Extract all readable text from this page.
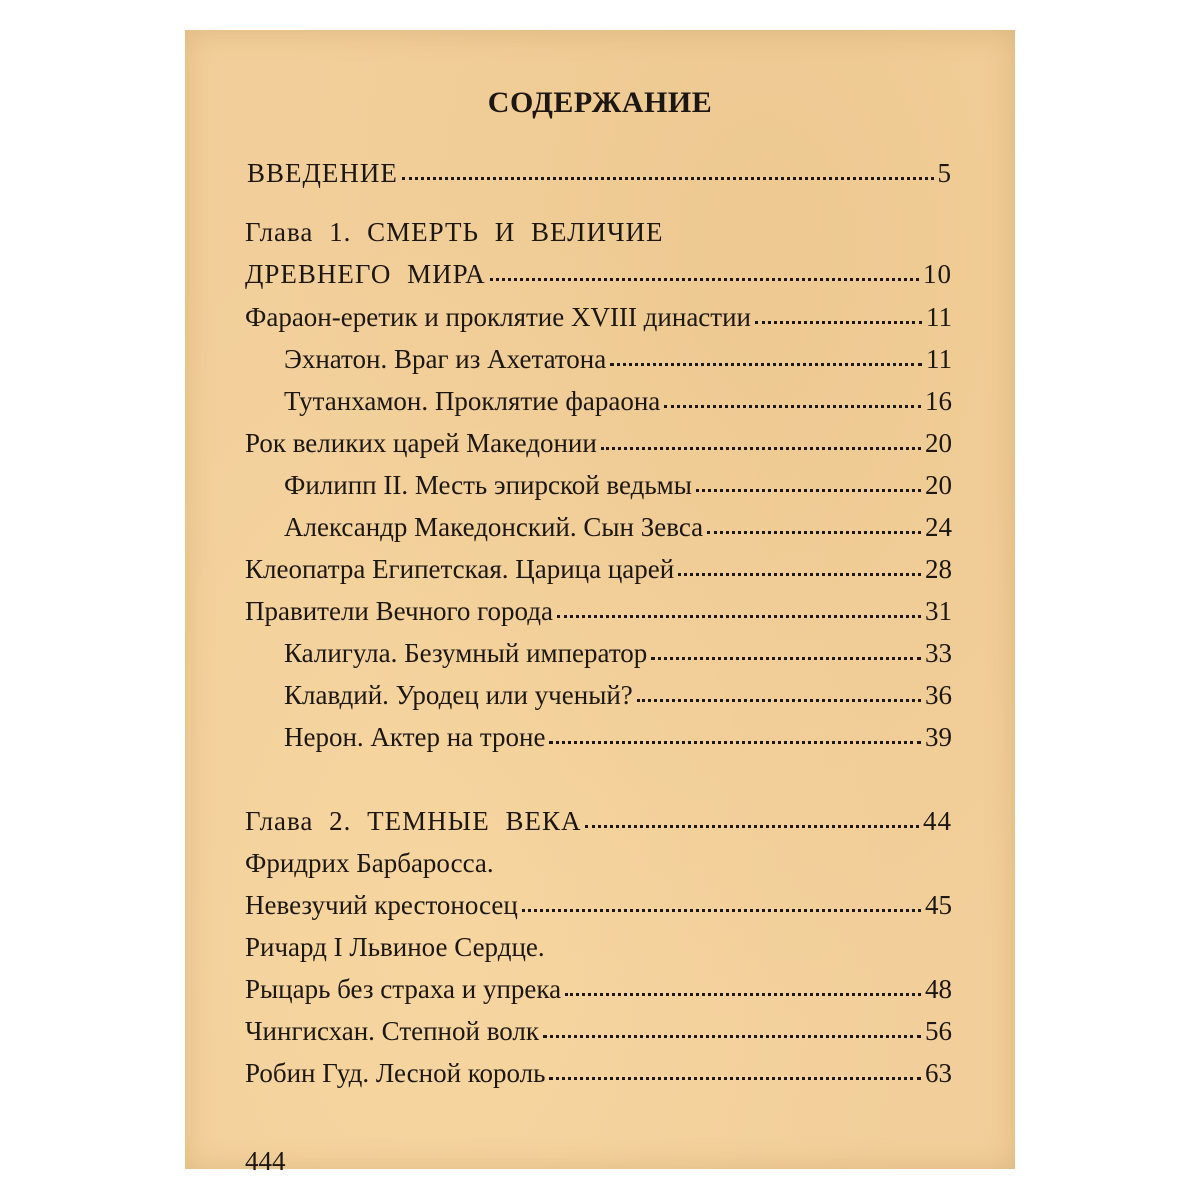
СОДЕРЖАНИЕ
ВВЕДЕНИЕ	5
Глава 1. СМЕРТЬ И ВЕЛИЧИЕ
ДРЕВНЕГО МИРА	10
Фараон-еретик и проклятие XVIII династии	11
Эхнатон. Враг из Ахетатона	11
Тутанхамон. Проклятие фараона	16
Рок великих царей Македонии	20
Филипп II. Месть эпирской ведьмы	20
Александр Македонский. Сын Зевса	24
Клеопатра Египетская. Царица царей	28
Правители Вечного города	31
Калигула. Безумный император	33
Клавдий. Уродец или ученый?	36
Нерон. Актер на троне	39
Глава 2. ТЕМНЫЕ ВЕКА	44
Фридрих Барбаросса.
Невезучий крестоносец	45
Ричард I Львиное Сердце.
Рыцарь без страха и упрека	48
Чингисхан. Степной волк	56
Робин Гуд. Лесной король	63
444
